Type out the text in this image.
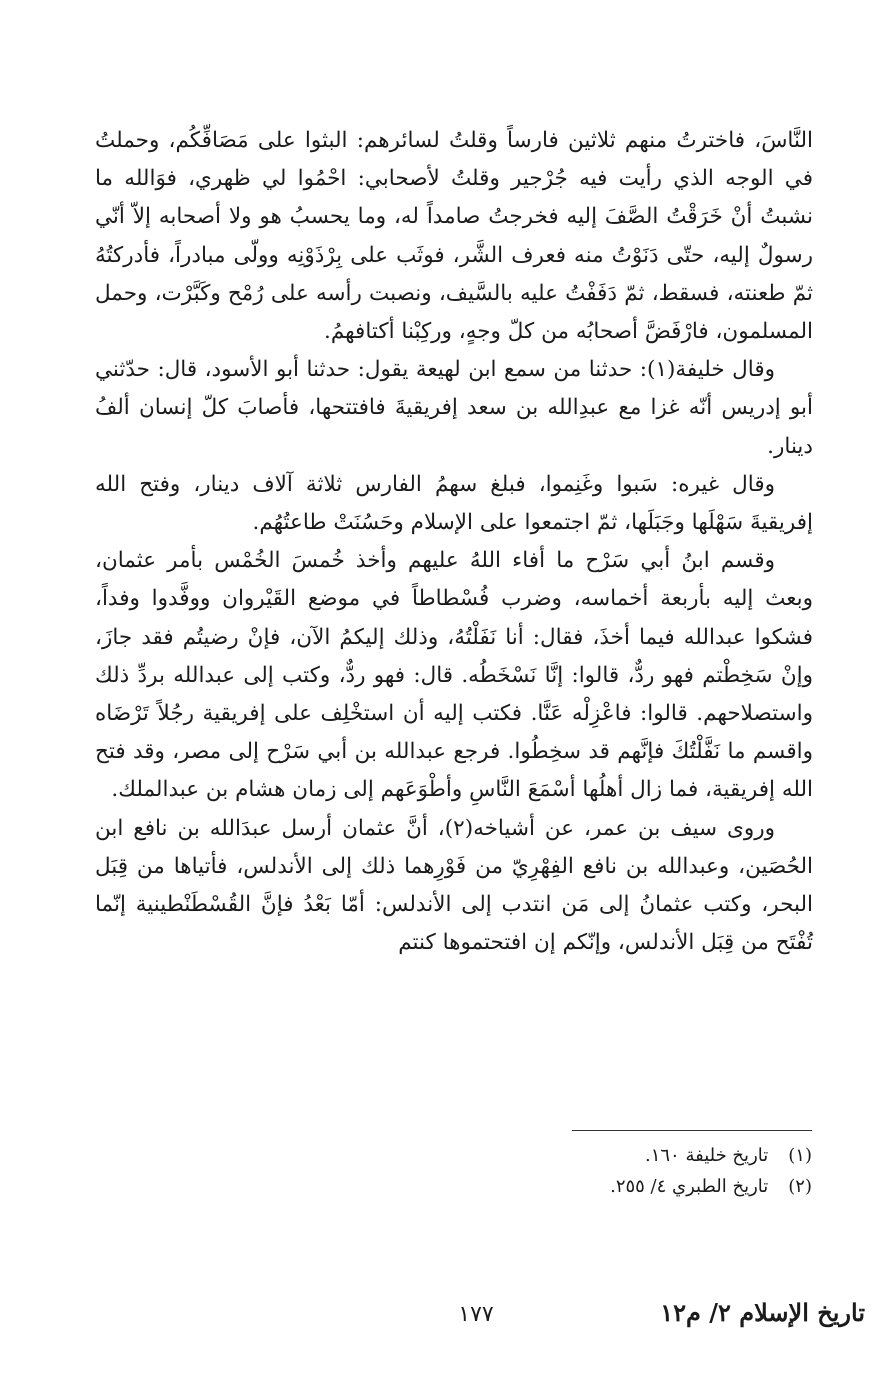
النَّاسَ، فاخترتُ منهم ثلاثين فارساً وقلتُ لسائرهم: البثوا على مَصَافِّكُم، وحملتُ في الوجه الذي رأيت فيه جُرْجير وقلتُ لأصحابي: احْمُوا لي ظهري، فوَالله ما نشبتُ أنْ خَرَقْتُ الصَّفَ إليه فخرجتُ صامداً له، وما يحسبُ هو ولا أصحابه إلاّ أنّي رسولٌ إليه، حتّى دَنَوْتُ منه فعرف الشَّر، فوثَب على بِرْذَوْنِه وولّى مبادراً، فأدركتُهُ ثمّ طعنته، فسقط، ثمّ دَفَفْتُ عليه بالسَّيف، ونصبت رأسه على رُمْح وكَبَّرْت، وحمل المسلمون، فارْفَضَّ أصحابُه من كلّ وجهٍ، وركِبْنا أكتافهمُ.

وقال خليفة(١): حدثنا من سمع ابن لهيعة يقول: حدثنا أبو الأسود، قال: حدّثني أبو إدريس أنّه غزا مع عبدِالله بن سعد إفريقيةَ فافتتحها، فأصابَ كلّ إنسان ألفُ دينار.

وقال غيره: سَبوا وغَنِموا، فبلغ سهمُ الفارس ثلاثة آلاف دينار، وفتح الله إفريقيةَ سَهْلَها وجَبَلَها، ثمّ اجتمعوا على الإسلام وحَسُنَتْ طاعتُهُم.

وقسم ابنُ أبي سَرْح ما أفاء اللهُ عليهم وأخذ خُمسَ الخُمْس بأمر عثمان، وبعث إليه بأربعة أخماسه، وضرب فُسْطاطاً في موضع القَيْروان ووفَّدوا وفداً، فشكوا عبدالله فيما أخذَ، فقال: أنا نَفَلْتُهُ، وذلك إليكمُ الآن، فإنْ رضيتُم فقد جازَ، وإنْ سَخِطْتم فهو ردٌّ، قالوا: إنَّا نَسْخَطُه. قال: فهو ردٌّ، وكتب إلى عبدالله بردِّ ذلك واستصلاحهم. قالوا: فاعْزِلْه عَنَّا. فكتب إليه أن استخْلِف على إفريقية رجُلاً تَرْضَاه واقسم ما نَفَّلْتُكَ فإنَّهم قد سخِطُوا. فرجع عبدالله بن أبي سَرْح إلى مصر، وقد فتح الله إفريقية، فما زال أهلُها أسْمَعَ النَّاسِ وأطْوَعَهم إلى زمان هشام بن عبدالملك.

وروى سيف بن عمر، عن أشياخه(٢)، أنَّ عثمان أرسل عبدَالله بن نافع ابن الحُصَين، وعبدالله بن نافع الفِهْرِيّ من فَوْرِهما ذلك إلى الأندلس، فأتياها من قِبَل البحر، وكتب عثمانُ إلى مَن انتدب إلى الأندلس: أمّا بَعْدُ فإنَّ القُسْطَنْطينية إنّما تُفْتَح من قِبَل الأندلس، وإنّكم إن افتحتموها كنتم

(١)تاريخ خليفة ١٦٠.
(٢)تاريخ الطبري ٤/ ٢٥٥.
١٧٧	تاريخ الإسلام ٢/ م١٢
